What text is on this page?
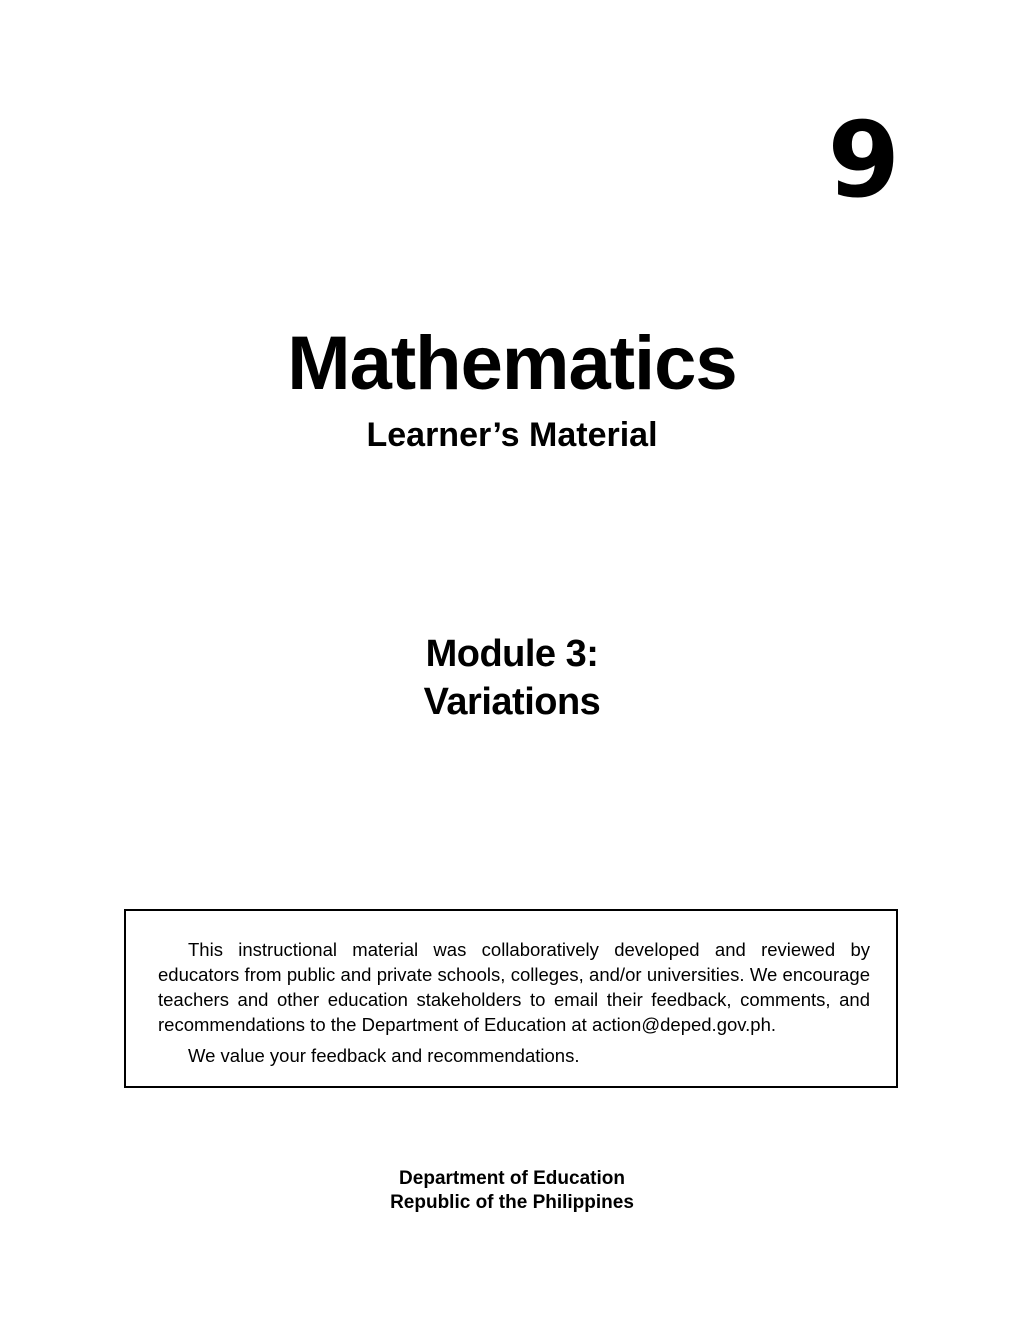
9
Mathematics
Learner’s Material
Module 3:
Variations
This instructional material was collaboratively developed and reviewed by educators from public and private schools, colleges, and/or universities. We encourage teachers and other education stakeholders to email their feedback, comments, and recommendations to the Department of Education at action@deped.gov.ph.
We value your feedback and recommendations.
Department of Education
Republic of the Philippines
